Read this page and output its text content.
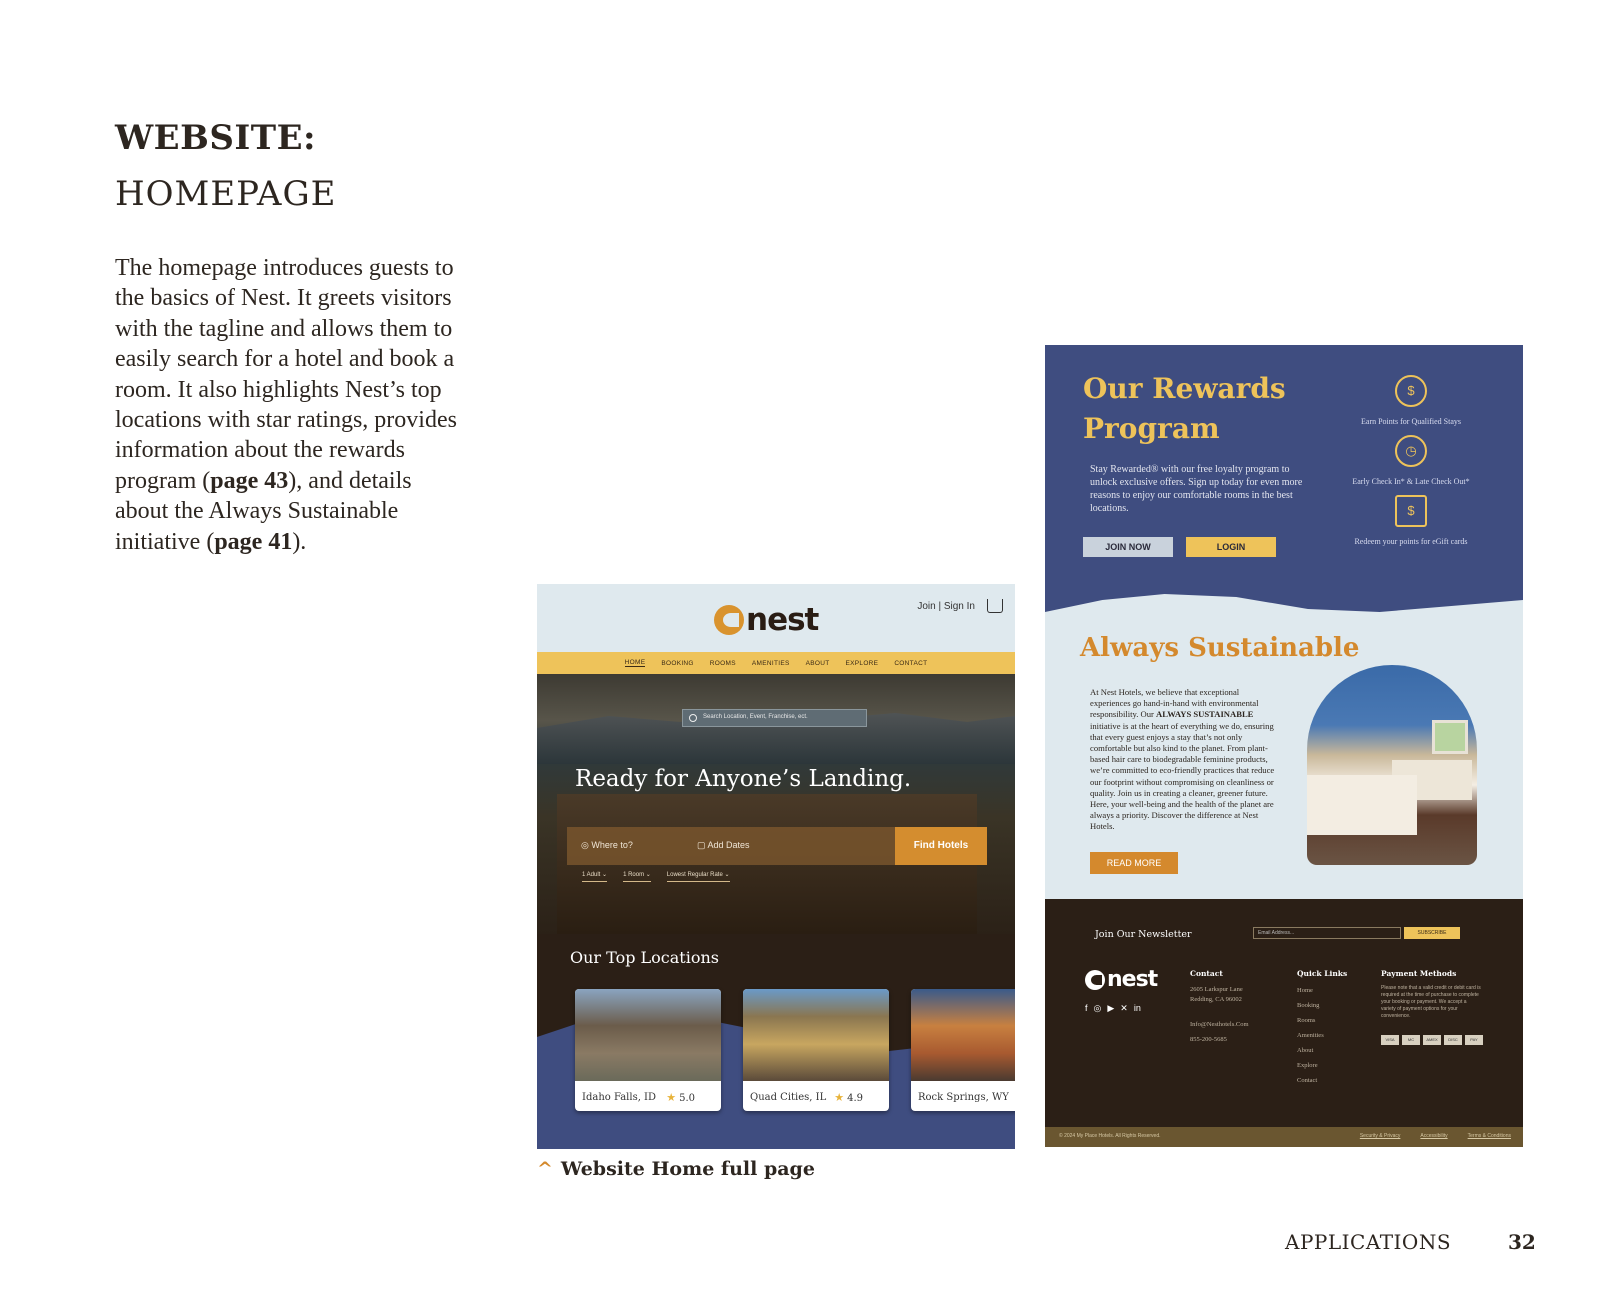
WEBSITE:
HOMEPAGE

The homepage introduces guests to the basics of Nest. It greets visitors with the tagline and allows them to easily search for a hotel and book a room. It also highlights Nest’s top locations with star ratings, provides information about the rewards program (page 43), and details about the Always Sustainable initiative (page 41).

nest	Join | Sign In
HOME BOOKING ROOMS AMENITIES ABOUT EXPLORE CONTACT
Search Location, Event, Franchise, ect.
Ready for Anyone’s Landing.
◎ Where to?	▢ Add Dates	Find Hotels
1 Adult ⌄	1 Room ⌄	Lowest Regular Rate ⌄
Our Top Locations
Idaho Falls, ID ★ 5.0	Quad Cities, IL ★ 4.9	Rock Springs, WY
Our Rewards Program
Stay Rewarded® with our free loyalty program to unlock exclusive offers. Sign up today for even more reasons to enjoy our comfortable rooms in the best locations.
JOIN NOW	LOGIN
$
Earn Points for Qualified Stays
◷
Early Check In* & Late Check Out*
$
Redeem your points for eGift cards
Always Sustainable
At Nest Hotels, we believe that exceptional experiences go hand-in-hand with environmental responsibility. Our ALWAYS SUSTAINABLE initiative is at the heart of everything we do, ensuring that every guest enjoys a stay that’s not only comfortable but also kind to the planet. From plant-based hair care to biodegradable feminine products, we’re committed to eco-friendly practices that reduce our footprint without compromising on cleanliness or quality. Join us in creating a cleaner, greener future. Here, your well-being and the health of the planet are always a priority. Discover the difference at Nest Hotels.
READ MORE
Join Our Newsletter	Email Address...	SUBSCRIBE
nest
f ◎ ▶ ✕ in
Contact
2605 Larkspur Lane
Redding, CA 96002
Info@Nesthotels.Com
855-200-5685
Quick Links
Home
Booking
Rooms
Amenities
About
Explore
Contact
Payment Methods
Please note that a valid credit or debit card is required at the time of purchase to complete your booking or payment. We accept a variety of payment options for your convenience.
VISA	MC	AMEX	DISC	PAY
© 2024 My Place Hotels. All Rights Reserved.	Security & Privacy	Accessibility	Terms & Conditions
^ Website Home full page
APPLICATIONS	32
